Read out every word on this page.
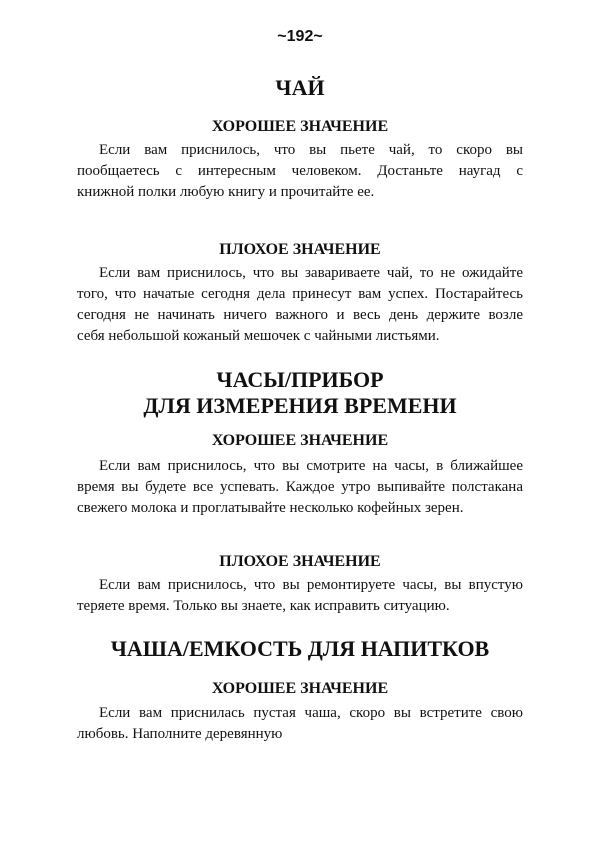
~192~
ЧАЙ
ХОРОШЕЕ ЗНАЧЕНИЕ
Если вам приснилось, что вы пьете чай, то скоро вы
пообщаетесь с интересным человеком. Достаньте наугад с
книжной полки любую книгу и прочитайте ее.
ПЛОХОЕ ЗНАЧЕНИЕ
Если вам приснилось, что вы завариваете чай, то не ожидайте
того, что начатые сегодня дела принесут вам успех. Постарайтесь
сегодня не начинать ничего важного и весь день держите возле
себя небольшой кожаный мешочек с чайными листьями.
ЧАСЫ/ПРИБОР
ДЛЯ ИЗМЕРЕНИЯ ВРЕМЕНИ
ХОРОШЕЕ ЗНАЧЕНИЕ
Если вам приснилось, что вы смотрите на часы, в ближайшее
время вы будете все успевать. Каждое утро выпивайте полстакана
свежего молока и проглатывайте несколько кофейных зерен.
ПЛОХОЕ ЗНАЧЕНИЕ
Если вам приснилось, что вы ремонтируете часы, вы впустую
теряете время. Только вы знаете, как исправить ситуацию.
ЧАША/ЕМКОСТЬ ДЛЯ НАПИТКОВ
ХОРОШЕЕ ЗНАЧЕНИЕ
Если вам приснилась пустая чаша, скоро вы встретите свою
любовь. Наполните деревянную
